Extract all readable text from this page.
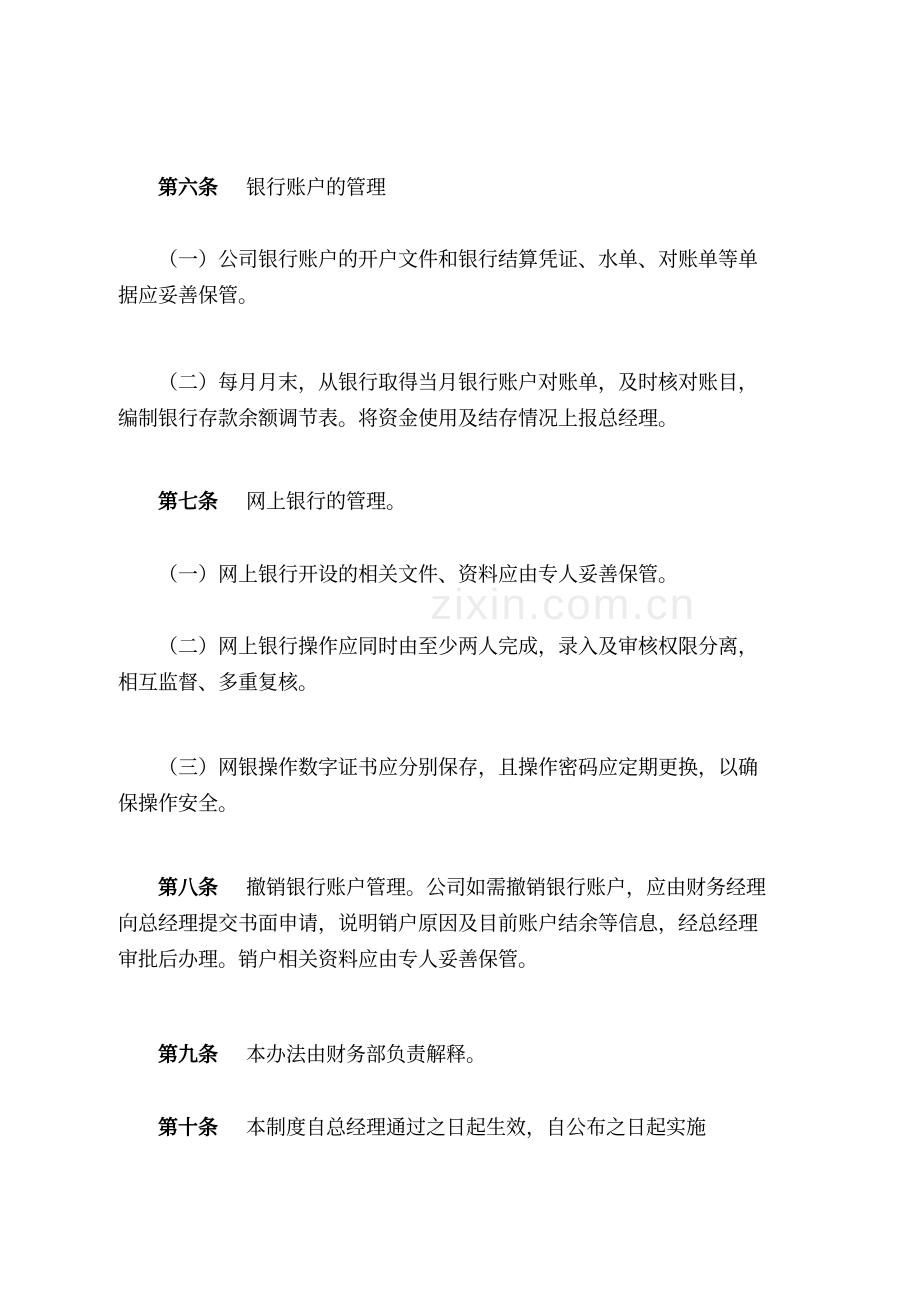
zixin.com.cn

第六条 银行账户的管理

（一）公司银行账户的开户文件和银行结算凭证、水单、对账单等单
据应妥善保管。

（二）每月月末，从银行取得当月银行账户对账单，及时核对账目，
编制银行存款余额调节表。将资金使用及结存情况上报总经理。

第七条 网上银行的管理。

（一）网上银行开设的相关文件、资料应由专人妥善保管。

（二）网上银行操作应同时由至少两人完成，录入及审核权限分离，
相互监督、多重复核。

（三）网银操作数字证书应分别保存，且操作密码应定期更换，以确
保操作安全。

第八条 撤销银行账户管理。公司如需撤销银行账户，应由财务经理
向总经理提交书面申请，说明销户原因及目前账户结余等信息，经总经理
审批后办理。销户相关资料应由专人妥善保管。

第九条 本办法由财务部负责解释。

第十条 本制度自总经理通过之日起生效，自公布之日起实施
